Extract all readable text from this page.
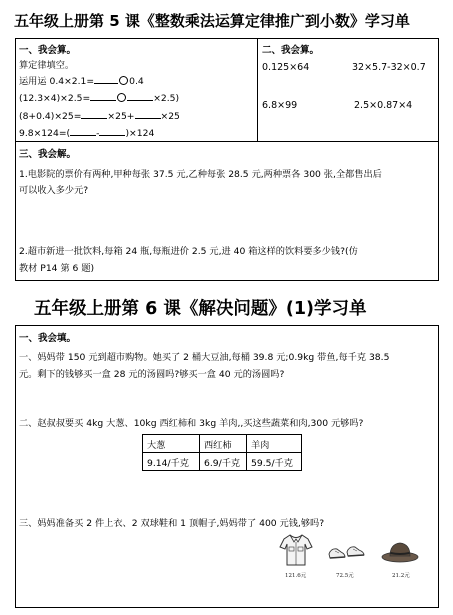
五年级上册第 5 课《整数乘法运算定律推广到小数》学习单
一、我会算。
算定律填空。
运用运 0.4×2.1=	0.4
(12.3×4)×2.5=	×2.5)
(8+0.4)×25=	×25+	×25
9.8×124=(	-	)×124
二、我会算。
0.125×64	32×5.7-32×0.7
6.8×99	2.5×0.87×4
三、我会解。
1.电影院的票价有两种,甲种每张 37.5 元,乙种每张 28.5 元,两种票各 300 张,全都售出后
可以收入多少元?
2.超市新进一批饮料,每箱 24 瓶,每瓶进价 2.5 元,进 40 箱这样的饮料要多少钱?(仿
教材 P14 第 6 题)
五年级上册第 6 课《解决问题》(1)学习单
一、我会填。
一、妈妈带 150 元到超市购物。她买了 2 桶大豆油,每桶 39.8 元;0.9kg 带鱼,每千克 38.5
元。剩下的钱够买一盒 28 元的汤圆吗?够买一盒 40 元的汤圆吗?
二、赵叔叔要买 4kg 大葱、10kg 西红柿和 3kg 羊肉,,买这些蔬菜和肉,300 元够吗?
大葱	西红柿	羊肉
9.14/千克	6.9/千克	59.5/千克
三、妈妈准备买 2 件上衣、2 双球鞋和 1 顶帽子,妈妈带了 400 元钱,够吗?
121.6元	72.5元	21.2元
